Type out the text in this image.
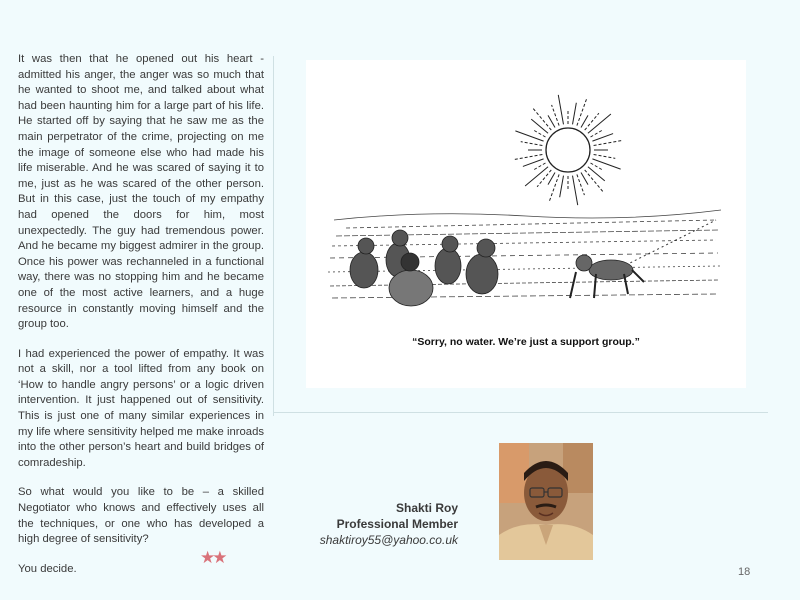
It was then that he opened out his heart - admitted his anger, the anger was so much that he wanted to shoot me, and talked about what had been haunting him for a large part of his life. He started off by saying that he saw me as the main perpetrator of the crime, projecting on me the image of someone else who had made his life miserable. And he was scared of saying it to me, just as he was scared of the other person. But in this case, just the touch of my empathy had opened the doors for him, most unexpectedly. The guy had tremendous power. And he became my biggest admirer in the group. Once his power was rechanneled in a functional way, there was no stopping him and he became one of the most active learners, and a huge resource in constantly moving himself and the group too.

I had experienced the power of empathy. It was not a skill, nor a tool lifted from any book on ‘How to handle angry persons’ or a logic driven intervention. It just happened out of sensitivity. This is just one of many similar experiences in my life where sensitivity helped me make inroads into the other person’s heart and build bridges of comradeship.

So what would you like to be – a skilled Negotiator who knows and effectively uses all the techniques, or one who has developed a high degree of sensitivity?

You decide.

★★
“Sorry, no water. We’re just a support group.”
Shakti Roy
Professional Member
shaktiroy55@yahoo.co.uk
18
